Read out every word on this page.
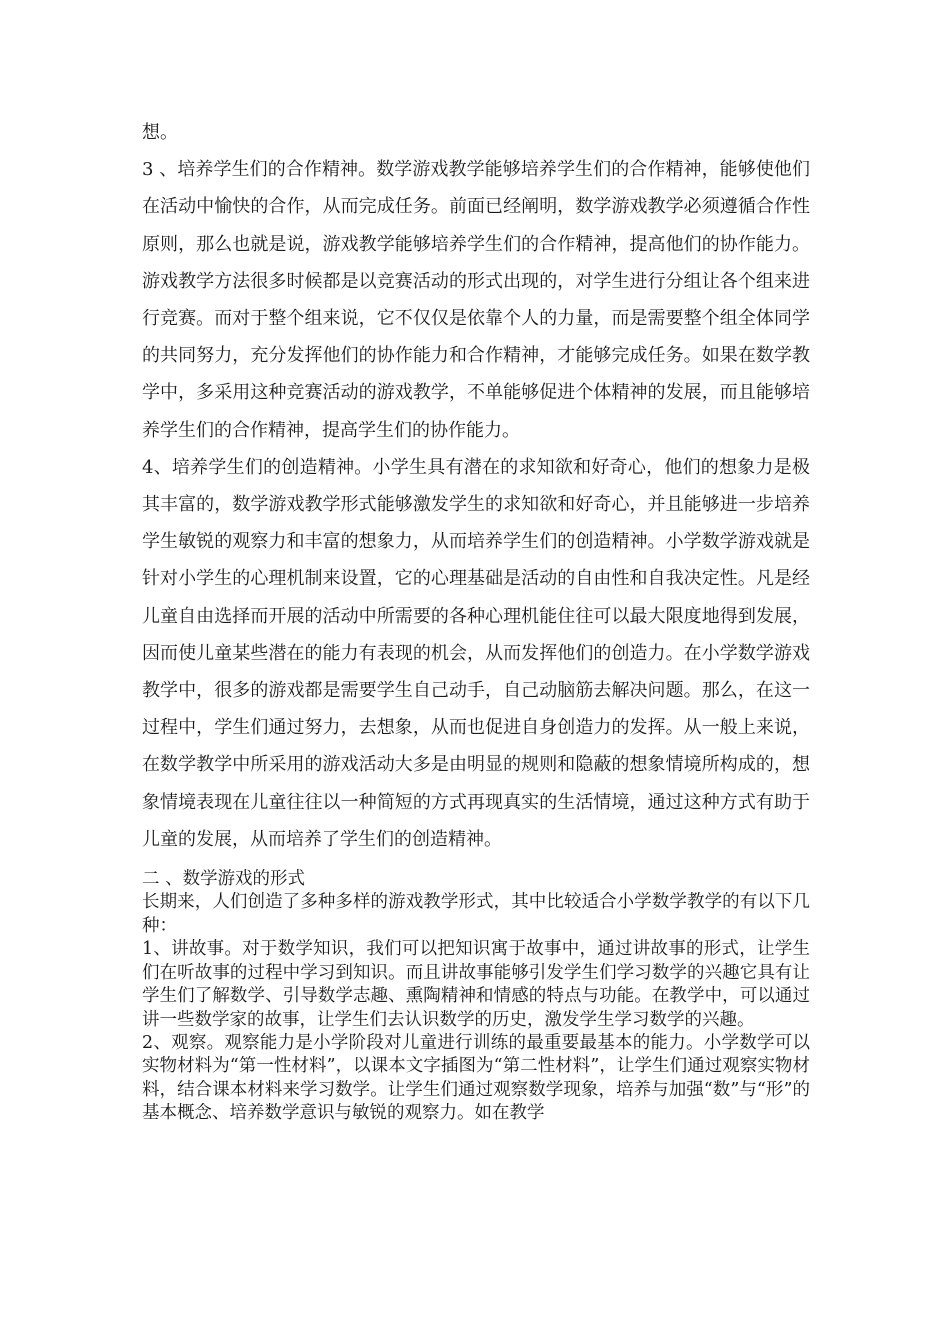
想。

3 、培养学生们的合作精神。数学游戏教学能够培养学生们的合作精神，能够使他们在活动中愉快的合作，从而完成任务。前面已经阐明，数学游戏教学必须遵循合作性原则，那么也就是说，游戏教学能够培养学生们的合作精神，提高他们的协作能力。游戏教学方法很多时候都是以竞赛活动的形式出现的，对学生进行分组让各个组来进行竞赛。而对于整个组来说，它不仅仅是依靠个人的力量，而是需要整个组全体同学的共同努力，充分发挥他们的协作能力和合作精神，才能够完成任务。如果在数学教学中，多采用这种竞赛活动的游戏教学，不单能够促进个体精神的发展，而且能够培养学生们的合作精神，提高学生们的协作能力。

4、培养学生们的创造精神。小学生具有潜在的求知欲和好奇心，他们的想象力是极其丰富的，数学游戏教学形式能够激发学生的求知欲和好奇心，并且能够进一步培养学生敏锐的观察力和丰富的想象力，从而培养学生们的创造精神。小学数学游戏就是针对小学生的心理机制来设置，它的心理基础是活动的自由性和自我决定性。凡是经儿童自由选择而开展的活动中所需要的各种心理机能住往可以最大限度地得到发展，因而使儿童某些潜在的能力有表现的机会，从而发挥他们的创造力。在小学数学游戏教学中，很多的游戏都是需要学生自己动手，自己动脑筋去解决问题。那么，在这一过程中，学生们通过努力，去想象，从而也促进自身创造力的发挥。从一般上来说，在数学教学中所采用的游戏活动大多是由明显的规则和隐蔽的想象情境所构成的，想象情境表现在儿童往往以一种简短的方式再现真实的生活情境，通过这种方式有助于儿童的发展，从而培养了学生们的创造精神。

二 、数学游戏的形式

长期来，人们创造了多种多样的游戏教学形式，其中比较适合小学数学教学的有以下几种：

1、讲故事。对于数学知识，我们可以把知识寓于故事中，通过讲故事的形式，让学生们在听故事的过程中学习到知识。而且讲故事能够引发学生们学习数学的兴趣它具有让学生们了解数学、引导数学志趣、熏陶精神和情感的特点与功能。在教学中，可以通过讲一些数学家的故事，让学生们去认识数学的历史，激发学生学习数学的兴趣。

2、观察。观察能力是小学阶段对儿童进行训练的最重要最基本的能力。小学数学可以实物材料为“第一性材料”，以课本文字插图为“第二性材料”，让学生们通过观察实物材料，结合课本材料来学习数学。让学生们通过观察数学现象，培养与加强“数”与“形”的基本概念、培养数学意识与敏锐的观察力。如在教学
